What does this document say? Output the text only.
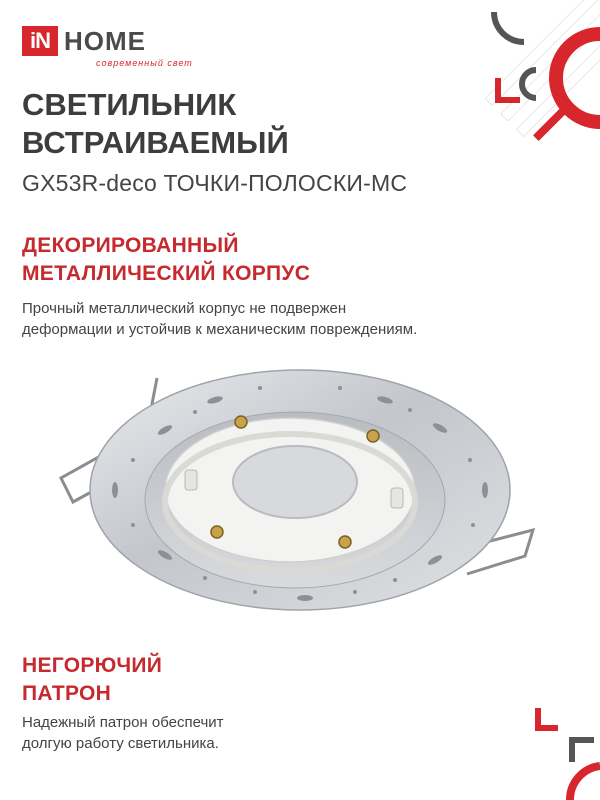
iN HOME
современный свет
СВЕТИЛЬНИК
ВСТРАИВАЕМЫЙ
GX53R-deco ТОЧКИ-ПОЛОСКИ-МС
ДЕКОРИРОВАННЫЙ
МЕТАЛЛИЧЕСКИЙ КОРПУС
Прочный металлический корпус не подвержен
деформации и устойчив к механическим повреждениям.
НЕГОРЮЧИЙ
ПАТРОН
Надежный патрон обеспечит
долгую работу светильника.
